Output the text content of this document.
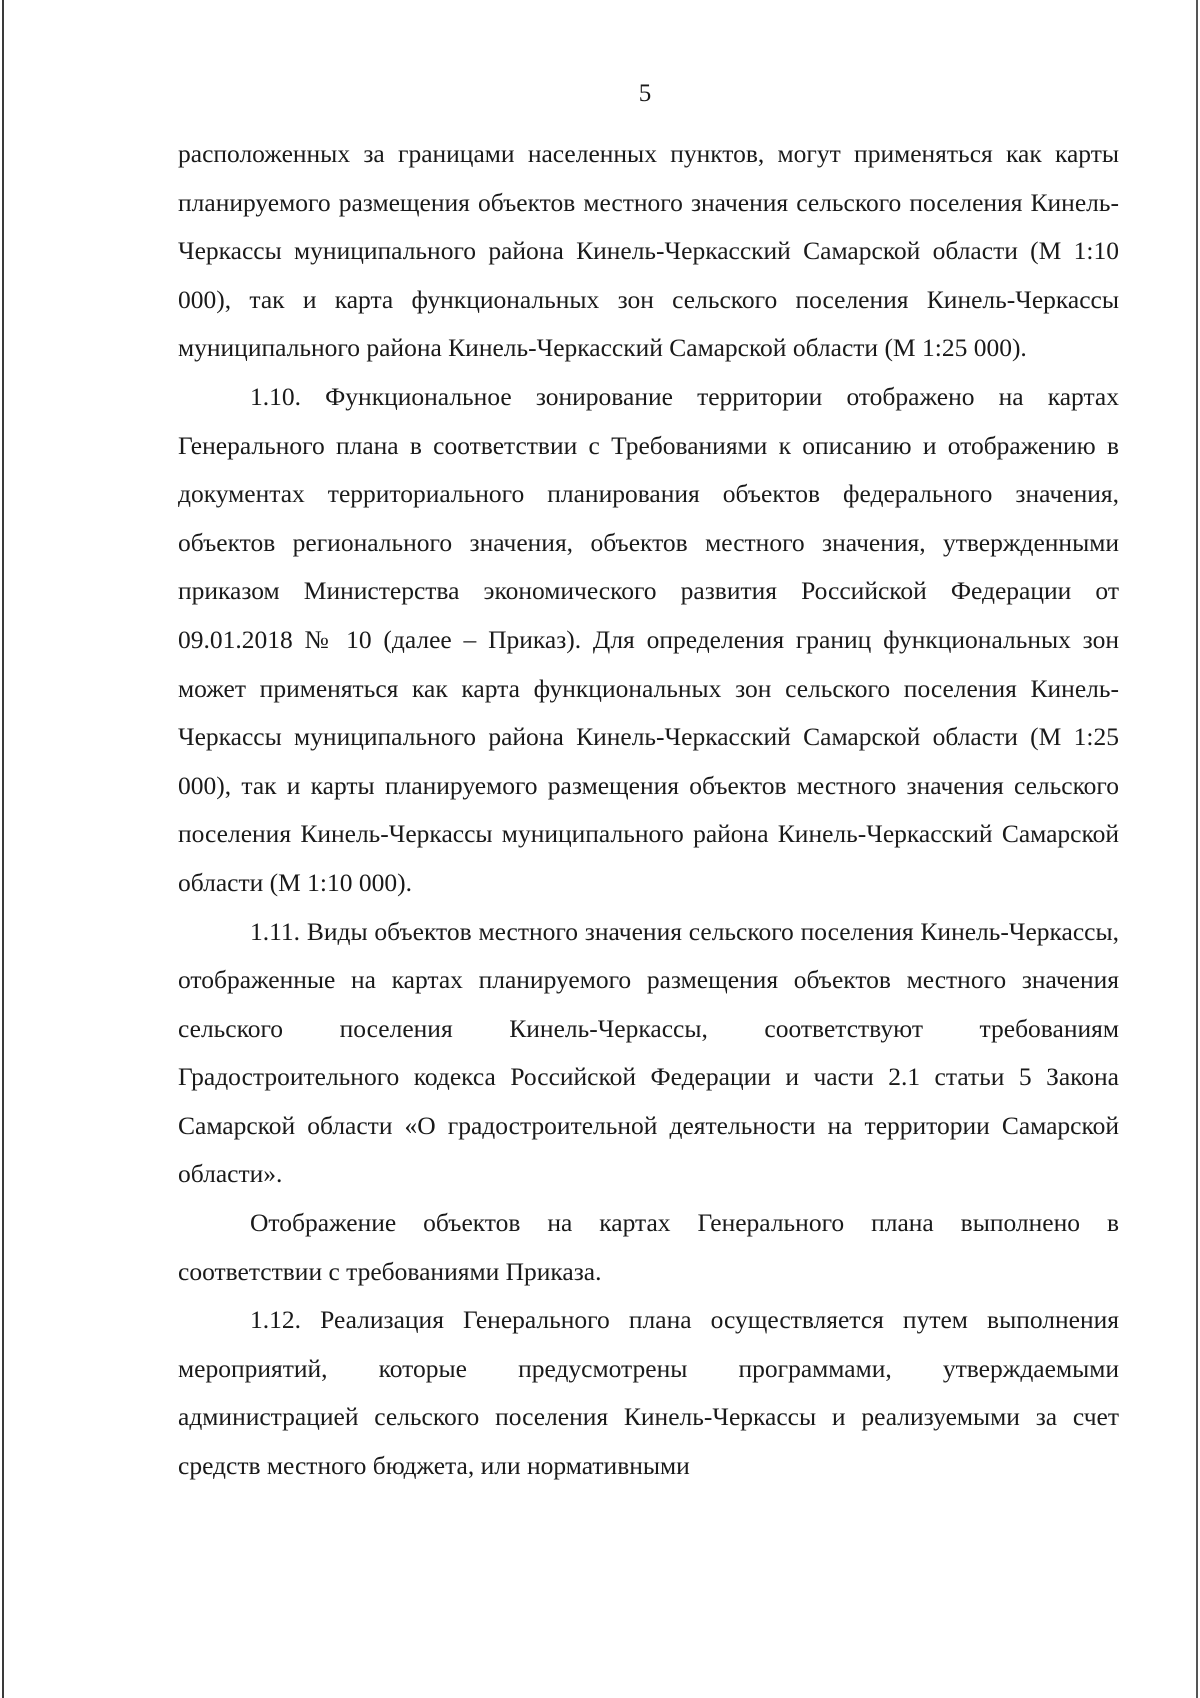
5

расположенных за границами населенных пунктов, могут применяться как карты планируемого размещения объектов местного значения сельского поселения Кинель-Черкассы муниципального района Кинель-Черкасский Самарской области (М 1:10 000), так и карта функциональных зон сельского поселения Кинель-Черкассы муниципального района Кинель-Черкасский Самарской области (М 1:25 000).

1.10. Функциональное зонирование территории отображено на картах Генерального плана в соответствии с Требованиями к описанию и отображению в документах территориального планирования объектов федерального значения, объектов регионального значения, объектов местного значения, утвержденными приказом Министерства экономического развития Российской Федерации от 09.01.2018 № 10 (далее – Приказ). Для определения границ функциональных зон может применяться как карта функциональных зон сельского поселения Кинель-Черкассы муниципального района Кинель-Черкасский Самарской области (М 1:25 000), так и карты планируемого размещения объектов местного значения сельского поселения Кинель-Черкассы муниципального района Кинель-Черкасский Самарской области (М 1:10 000).

1.11. Виды объектов местного значения сельского поселения Кинель-Черкассы, отображенные на картах планируемого размещения объектов местного значения сельского поселения Кинель-Черкассы, соответствуют требованиям Градостроительного кодекса Российской Федерации и части 2.1 статьи 5 Закона Самарской области «О градостроительной деятельности на территории Самарской области».

Отображение объектов на картах Генерального плана выполнено в соответствии с требованиями Приказа.

1.12. Реализация Генерального плана осуществляется путем выполнения мероприятий, которые предусмотрены программами, утверждаемыми администрацией сельского поселения Кинель-Черкассы и реализуемыми за счет средств местного бюджета, или нормативными
